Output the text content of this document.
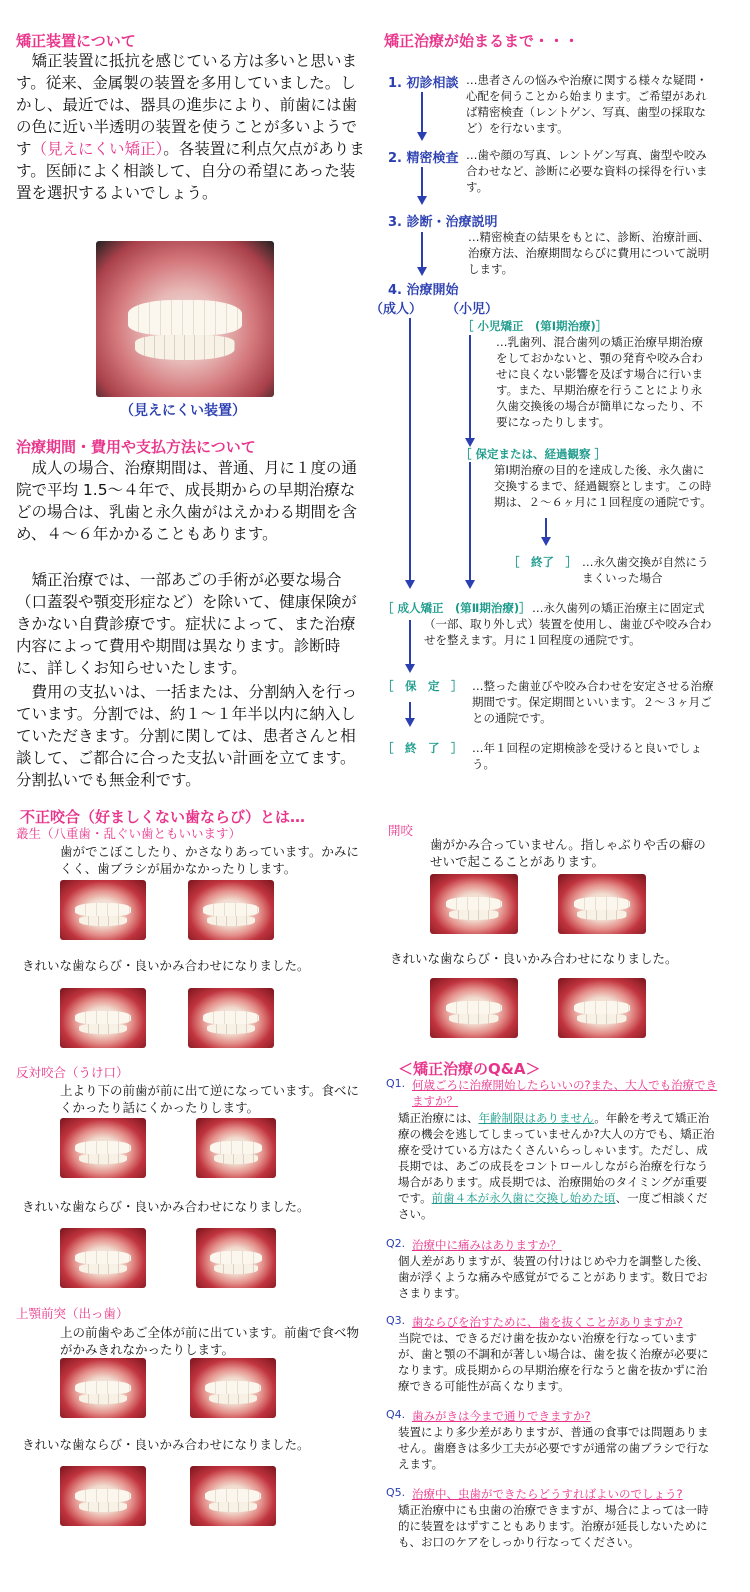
矯正装置について
矯正装置に抵抗を感じている方は多いと思います。従来、金属製の装置を多用していました。しかし、最近では、器具の進歩により、前歯には歯の色に近い半透明の装置を使うことが多いようです（見えにくい矯正）。各装置に利点欠点があります。医師によく相談して、自分の希望にあった装置を選択するよいでしょう。
（見えにくい装置）
治療期間・費用や支払方法について
成人の場合、治療期間は、普通、月に１度の通院で平均 1.5〜４年で、成長期からの早期治療などの場合は、乳歯と永久歯がはえかわる期間を含め、４〜６年かかることもあります。
矯正治療では、一部あごの手術が必要な場合（口蓋裂や顎変形症など）を除いて、健康保険がきかない自費診療です。症状によって、また治療内容によって費用や期間は異なります。診断時に、詳しくお知らせいたします。
費用の支払いは、一括または、分割納入を行っています。分割では、約１〜１年半以内に納入していただきます。分割に関しては、患者さんと相談して、ご都合に合った支払い計画を立てます。分割払いでも無金利です。
矯正治療が始まるまで・・・
1. 初診相談 …患者さんの悩みや治療に関する様々な疑問・心配を伺うことから始まります。ご希望があれば精密検査（レントゲン、写真、歯型の採取など）を行ないます。
2. 精密検査 …歯や顔の写真、レントゲン写真、歯型や咬み合わせなど、診断に必要な資料の採得を行います。
3. 診断・治療説明
…精密検査の結果をもとに、診断、治療計画、治療方法、治療期間ならびに費用について説明します。
4. 治療開始
（成人） （小児）
［ 小児矯正　(第Ⅰ期治療)］
…乳歯列、混合歯列の矯正治療早期治療をしておかないと、顎の発育や咬み合わせに良くない影響を及ぼす場合に行います。また、早期治療を行うことにより永久歯交換後の場合が簡単になったり、不要になったりします。
［ 保定または、経過観察 ］
第Ⅰ期治療の目的を達成した後、永久歯に交換するまで、経過観察とします。この時期は、２〜６ヶ月に１回程度の通院です。
［　終了　］ …永久歯交換が自然にうまくいった場合
［ 成人矯正　(第Ⅱ期治療)］ …永久歯列の矯正治療主に固定式（一部、取り外し式）装置を使用し、歯並びや咬み合わせを整えます。月に１回程度の通院です。
［　保　定　］ …整った歯並びや咬み合わせを安定させる治療期間です。保定期間といいます。２〜３ヶ月ごとの通院です。
［　終　了　］ …年１回程の定期検診を受けると良いでしょう。
不正咬合（好ましくない歯ならび）とは…
叢生（八重歯・乱ぐい歯ともいいます）
歯がでこぼこしたり、かさなりあっています。かみにくく、歯ブラシが届かなかったりします。
きれいな歯ならび・良いかみ合わせになりました。
反対咬合（うけ口）
上より下の前歯が前に出て逆になっています。食べにくかったり話にくかったりします。
きれいな歯ならび・良いかみ合わせになりました。
上顎前突（出っ歯）
上の前歯やあご全体が前に出ています。前歯で食べ物がかみきれなかったりします。
きれいな歯ならび・良いかみ合わせになりました。
開咬
歯がかみ合っていません。指しゃぶりや舌の癖のせいで起こることがあります。
きれいな歯ならび・良いかみ合わせになりました。
＜矯正治療のQ&A＞
Q1. 何歳ごろに治療開始したらいいの?また、大人でも治療できますか？
矯正治療には、年齢制限はありません。年齢を考えて矯正治療の機会を逃してしまっていませんか?大人の方でも、矯正治療を受けている方はたくさんいらっしゃいます。ただし、成長期では、あごの成長をコントロールしながら治療を行なう場合があります。成長期では、治療開始のタイミングが重要です。前歯４本が永久歯に交換し始めた頃、一度ご相談ください。
Q2. 治療中に痛みはありますか？
個人差がありますが、装置の付けはじめや力を調整した後、歯が浮くような痛みや感覚がでることがあります。数日でおさまります。
Q3. 歯ならびを治すために、歯を抜くことがありますか?
当院では、できるだけ歯を抜かない治療を行なっていますが、歯と顎の不調和が著しい場合は、歯を抜く治療が必要になります。成長期からの早期治療を行なうと歯を抜かずに治療できる可能性が高くなります。
Q4. 歯みがきは今まで通りできますか?
装置により多少差がありますが、普通の食事では問題ありません。歯磨きは多少工夫が必要ですが通常の歯ブラシで行なえます。
Q5. 治療中、虫歯ができたらどうすればよいのでしょう?
矯正治療中にも虫歯の治療できますが、場合によっては一時的に装置をはずすこともあります。治療が延長しないためにも、お口のケアをしっかり行なってください。
